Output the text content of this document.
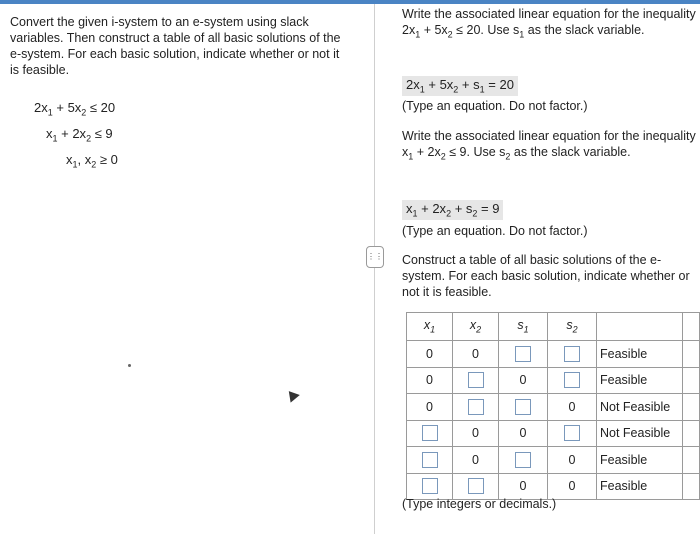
Convert the given i-system to an e-system using slack variables. Then construct a table of all basic solutions of the e-system. For each basic solution, indicate whether or not it is feasible.

$2x_1 + 5x_2 \le 20$
$x_1 + 2x_2 \le 9$
$x_1$, $x_2 \ge 0$
⋮⋮
Write the associated linear equation for the inequality $2x_1 + 5x_2 \le 20$. Use $s_1$ as the slack variable.
$2x_1 + 5x_2 + s_1 = 20$
(Type an equation. Do not factor.)
Write the associated linear equation for the inequality $x_1 + 2x_2 \le 9$. Use $s_2$ as the slack variable.
$x_1 + 2x_2 + s_2 = 9$
(Type an equation. Do not factor.)
Construct a table of all basic solutions of the e-system. For each basic solution, indicate whether or not it is feasible.
$x_1$	$x_2$	$s_1$	$s_2$		
0	0			Feasible	
0		0		Feasible	
0			0	Not Feasible	
	0	0		Not Feasible	
	0		0	Feasible	
		0	0	Feasible	
(Type integers or decimals.)
